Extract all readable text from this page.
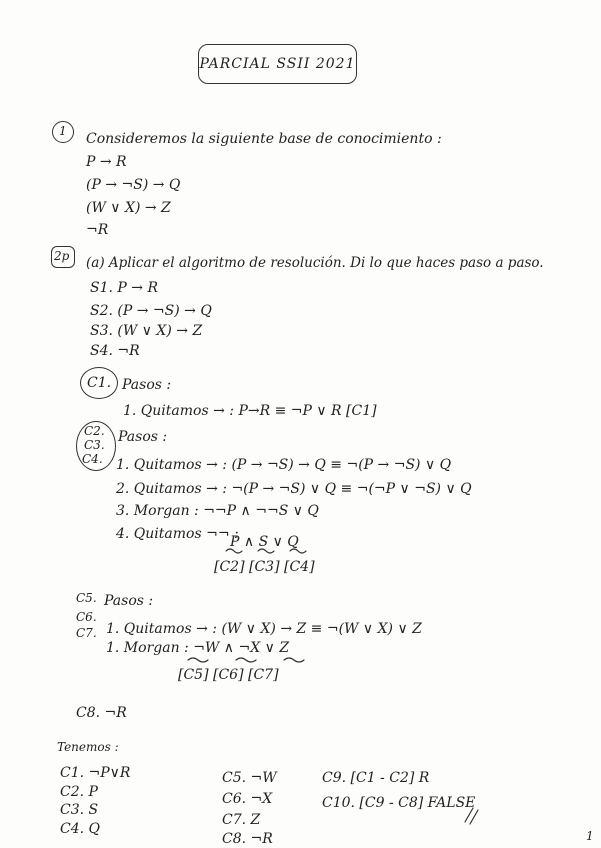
PARCIAL SSII 2021
1 Consideremos la siguiente base de conocimiento :
P → R
(P → ¬S) → Q
(W ∨ X) → Z
¬R
2p (a) Aplicar el algoritmo de resolución. Di lo que haces paso a paso.
S1. P → R
S2. (P → ¬S) → Q
S3. (W ∨ X) → Z
S4. ¬R
C1. Pasos :
1. Quitamos → : P→R ≡ ¬P ∨ R [C1]
C2.
C3.
C4.
Pasos :
1. Quitamos → : (P → ¬S) → Q ≡ ¬(P → ¬S) ∨ Q
2. Quitamos → : ¬(P → ¬S) ∨ Q ≡ ¬(¬P ∨ ¬S) ∨ Q
3. Morgan : ¬¬P ∧ ¬¬S ∨ Q
4. Quitamos ¬¬ :
P ∧ S ∨ Q
[C2] [C3] [C4]
C5.
C6.
C7.
Pasos :
1. Quitamos → : (W ∨ X) → Z ≡ ¬(W ∨ X) ∨ Z
1. Morgan : ¬W ∧ ¬X ∨ Z
[C5] [C6] [C7]
C8. ¬R
Tenemos :
C1. ¬P∨R
C2. P
C3. S
C4. Q
C5. ¬W
C6. ¬X
C7. Z
C8. ¬R
C9. [C1 - C2] R
C10. [C9 - C8] FALSE
1
